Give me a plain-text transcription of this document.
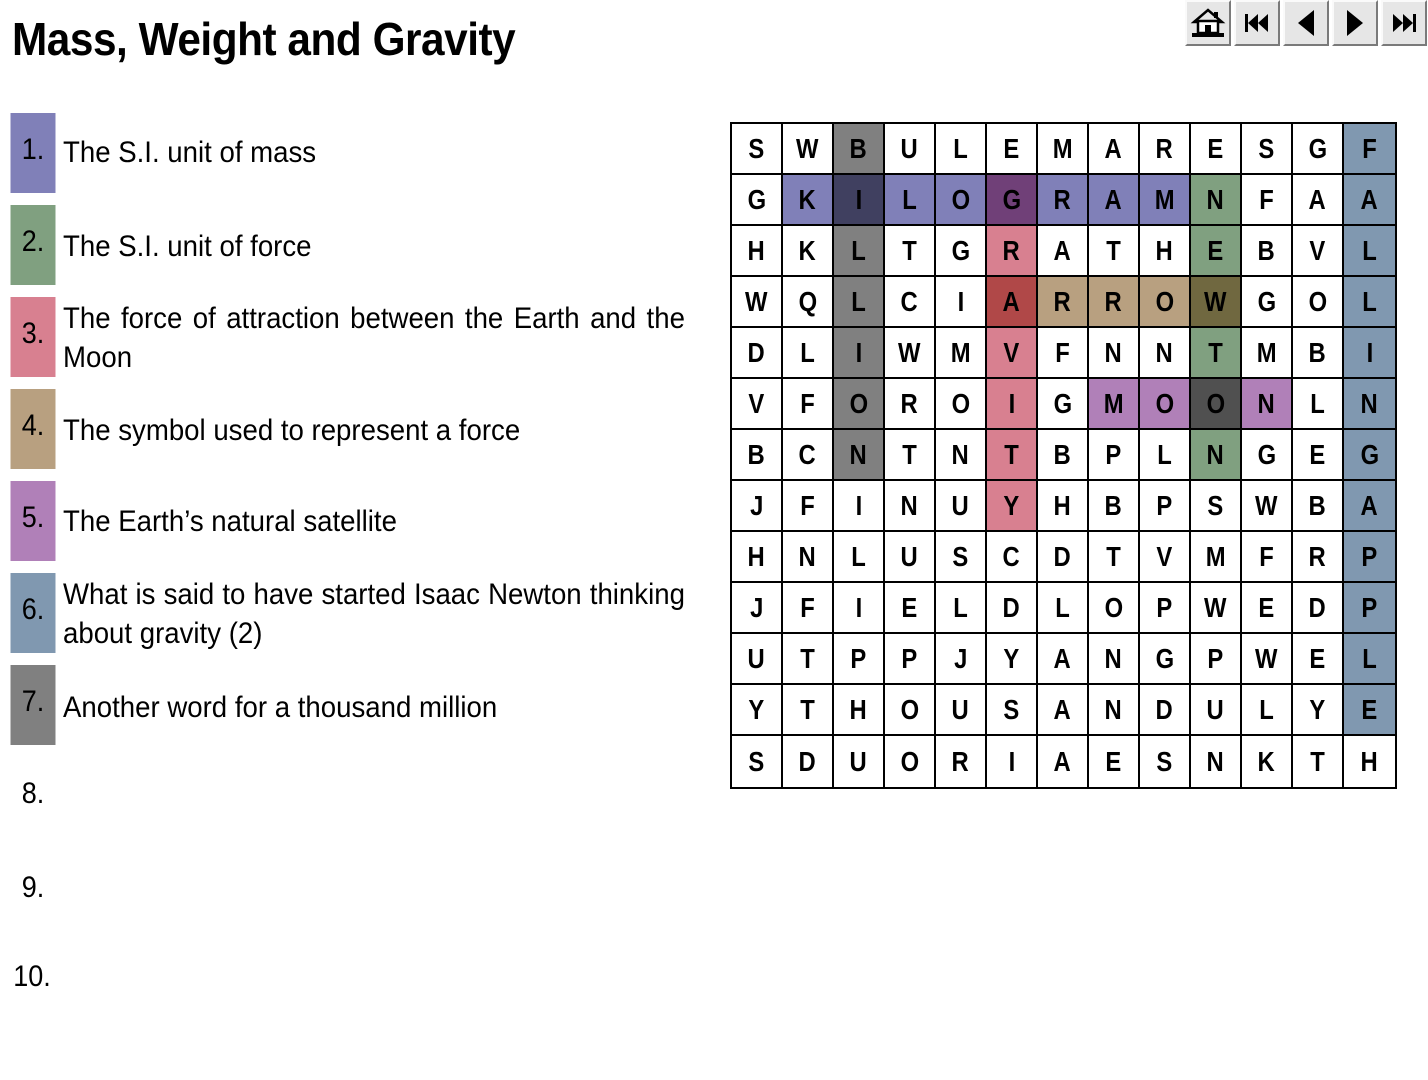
Mass, Weight and Gravity
1. The S.I. unit of mass
2. The S.I. unit of force
3. The force of attraction between the Earth and the Moon
4. The symbol used to represent a force
5. The Earth’s natural satellite
6. What is said to have started Isaac Newton thinking about gravity (2)
7. Another word for a thousand million
8.
9.
10.
S W B U L E M A R E S G F
G K I L O G R A M N F A A
H K L T G R A T H E B V L
W Q L C I A R R O W G O L
D L I W M V F N N T M B I
V F O R O I G M O O N L N
B C N T N T B P L N G E G
J F I N U Y H B P S W B A
H N L U S C D T V M F R P
J F I E L D L O P W E D P
U T P P J Y A N G P W E L
Y T H O U S A N D U L Y E
S D U O R I A E S N K T H
